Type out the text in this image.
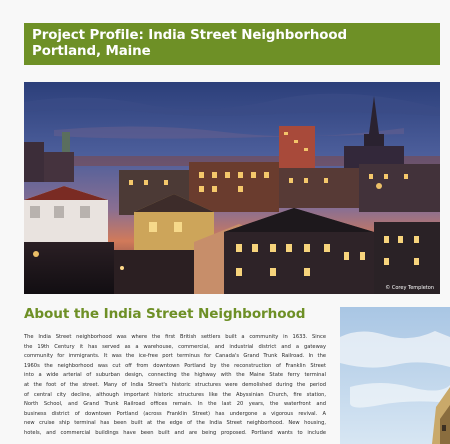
Project Profile: India Street Neighborhood
Portland, Maine
© Corey Templeton
About the India Street Neighborhood
The India Street neighborhood was where the first British settlers built a community in 1633. Since
the 19th Century it has served as a warehouse, commercial, and industrial district and a gateway
community for immigrants. It was the ice-free port terminus for Canada's Grand Trunk Railroad. In the
1960s the neighborhood was cut off from downtown Portland by the reconstruction of Franklin Street
into a wide arterial of suburban design, connecting the highway with the Maine State ferry terminal
at the foot of the street. Many of India Street's historic structures were demolished during the period
of central city decline, although important historic structures like the Abyssinian Church, fire station,
North School, and Grand Trunk Railroad offices remain. In the last 20 years, the waterfront and
business district of downtown Portland (across Franklin Street) has undergone a vigorous revival. A
new cruise ship terminal has been built at the edge of the India Street neighborhood. New housing,
hotels, and commercial buildings have been built and are being proposed. Portland wants to include
